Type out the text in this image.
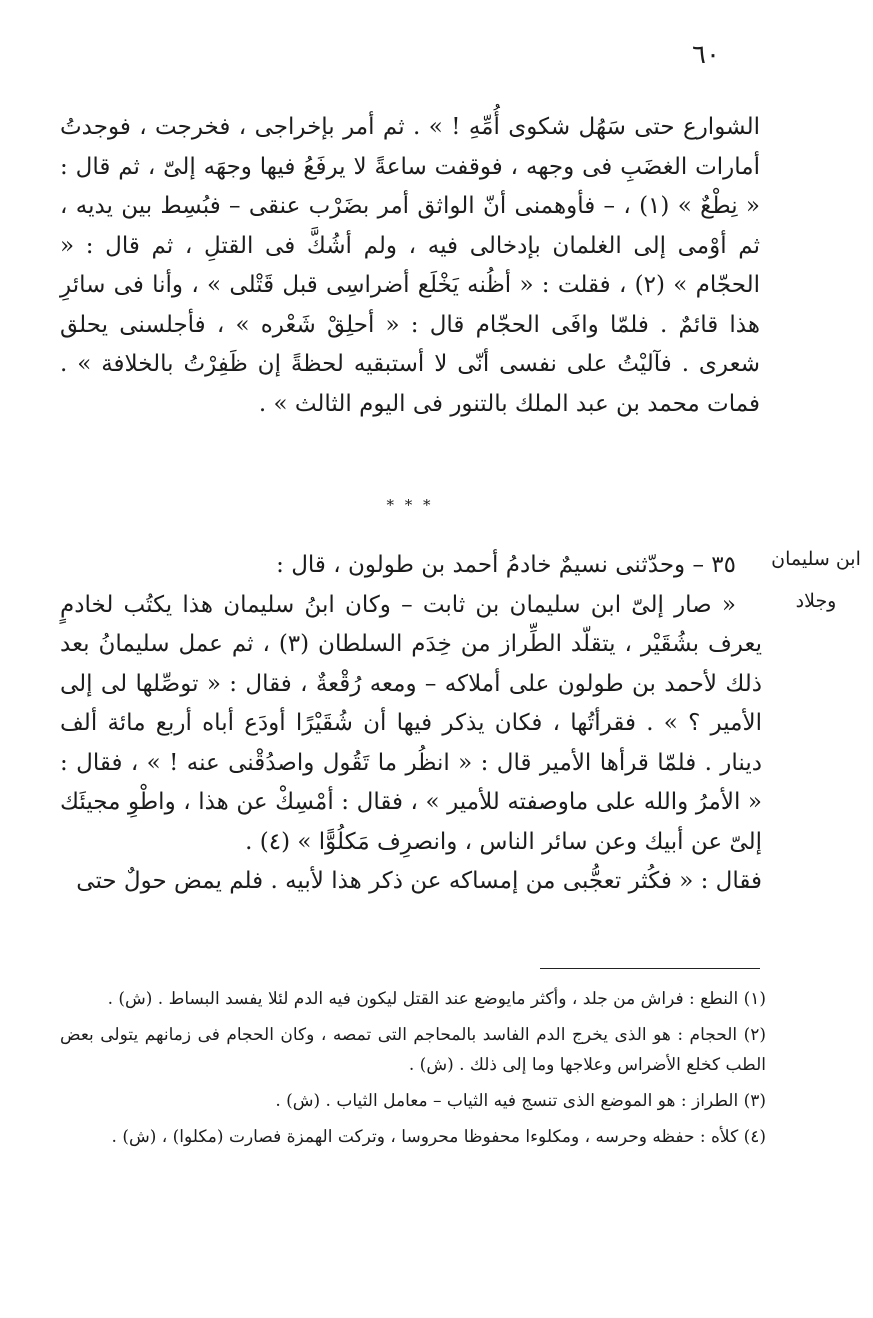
٦٠

الشوارع حتى سَهُل شكوى أُمِّهِ ! » . ثم أمر بإخراجى ، فخرجت ، فوجدتُ أمارات الغضَبِ فى وجهه ، فوقفت ساعةً لا يرفَعُ فيها وجهَه إلىّ ، ثم قال : « نِطْعٌ » (١) ، – فأوهمنى أنّ الواثق أمر بضَرْب عنقى – فبُسِط بين يديه ، ثم أوْمى إلى الغلمان بإدخالى فيه ، ولم أشُكَّ فى القتلِ ، ثم قال : « الحجّام » (٢) ، فقلت : « أظُنه يَخْلَع أضراسِى قبل قَتْلى » ، وأنا فى سائرِ هذا قائمٌ . فلمّا وافَى الحجّام قال : « أحلِقْ شَعْره » ، فأجلسنى يحلق شعرى . فآليْتُ على نفسى أنّى لا أستبقيه لحظةً إن ظَفِرْتُ بالخلافة » . فمات محمد بن عبد الملك بالتنور فى اليوم الثالث » .

* * *
ابن سليمان
وجلاد

٣٥ – وحدّثنى نسيمٌ خادمُ أحمد بن طولون ، قال :

« صار إلىّ ابن سليمان بن ثابت – وكان ابنُ سليمان هذا يكتُب لخادمٍ يعرف بشُقَيْر ، يتقلّد الطِّراز من خِدَم السلطان (٣) ، ثم عمل سليمانُ بعد ذلك لأحمد بن طولون على أملاكه – ومعه رُقْعةٌ ، فقال : « توصِّلها لى إلى الأمير ؟ » . فقرأتُها ، فكان يذكر فيها أن شُقَيْرًا أودَع أباه أربع مائة ألف دينار . فلمّا قرأها الأمير قال : « انظُر ما تَقُول واصدُقْنى عنه ! » ، فقال : « الأمرُ والله على ماوصفته للأمير » ، فقال : أمْسِكْ عن هذا ، واطْوِ مجيئَك إلىّ عن أبيك وعن سائر الناس ، وانصرِف مَكلُوًّا » (٤) .

فقال : « فكُثر تعجُّبى من إمساكه عن ذكر هذا لأبيه . فلم يمض حولٌ حتى

(١) النطع : فراش من جلد ، وأكثر مايوضع عند القتل ليكون فيه الدم لئلا يفسد البساط . (ش) .

(٢) الحجام : هو الذى يخرج الدم الفاسد بالمحاجم التى تمصه ، وكان الحجام فى زمانهم يتولى بعض الطب كخلع الأضراس وعلاجها وما إلى ذلك . (ش) .

(٣) الطراز : هو الموضع الذى تنسج فيه الثياب – معامل الثياب . (ش) .

(٤) كلأه : حفظه وحرسه ، ومكلوءا محفوظا محروسا ، وتركت الهمزة فصارت (مكلوا) ، (ش) .
